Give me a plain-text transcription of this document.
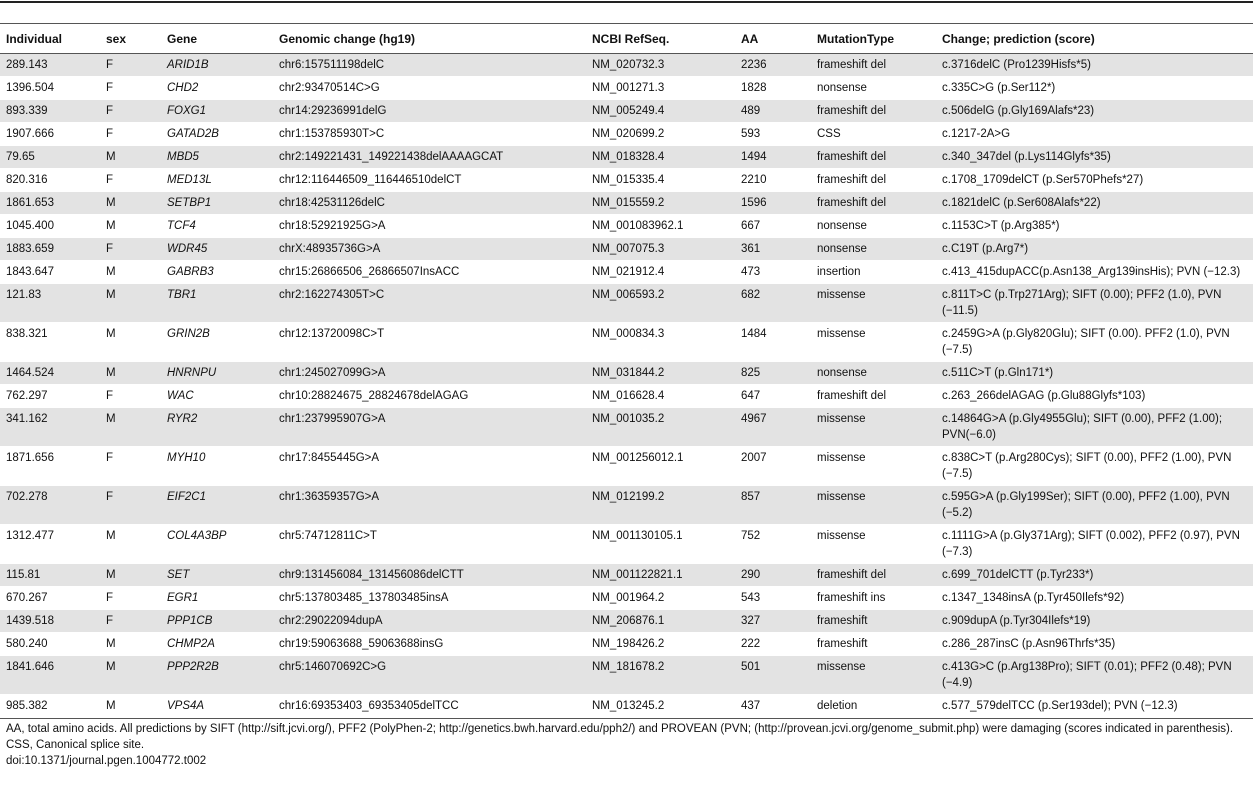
Individual	sex	Gene	Genomic change (hg19)	NCBI RefSeq.	AA	MutationType	Change; prediction (score)
289.143	F	ARID1B	chr6:157511198delC	NM_020732.3	2236	frameshift del	c.3716delC (Pro1239Hisfs*5)
1396.504	F	CHD2	chr2:93470514C>G	NM_001271.3	1828	nonsense	c.335C>G (p.Ser112*)
893.339	F	FOXG1	chr14:29236991delG	NM_005249.4	489	frameshift del	c.506delG (p.Gly169Alafs*23)
1907.666	F	GATAD2B	chr1:153785930T>C	NM_020699.2	593	CSS	c.1217-2A>G
79.65	M	MBD5	chr2:149221431_149221438delAAAAGCAT	NM_018328.4	1494	frameshift del	c.340_347del (p.Lys114Glyfs*35)
820.316	F	MED13L	chr12:116446509_116446510delCT	NM_015335.4	2210	frameshift del	c.1708_1709delCT (p.Ser570Phefs*27)
1861.653	M	SETBP1	chr18:42531126delC	NM_015559.2	1596	frameshift del	c.1821delC (p.Ser608Alafs*22)
1045.400	M	TCF4	chr18:52921925G>A	NM_001083962.1	667	nonsense	c.1153C>T (p.Arg385*)
1883.659	F	WDR45	chrX:48935736G>A	NM_007075.3	361	nonsense	c.C19T (p.Arg7*)
1843.647	M	GABRB3	chr15:26866506_26866507InsACC	NM_021912.4	473	insertion	c.413_415dupACC(p.Asn138_Arg139insHis); PVN (−12.3)
121.83	M	TBR1	chr2:162274305T>C	NM_006593.2	682	missense	c.811T>C (p.Trp271Arg); SIFT (0.00); PFF2 (1.0), PVN (−11.5)
838.321	M	GRIN2B	chr12:13720098C>T	NM_000834.3	1484	missense	c.2459G>A (p.Gly820Glu); SIFT (0.00). PFF2 (1.0), PVN (−7.5)
1464.524	M	HNRNPU	chr1:245027099G>A	NM_031844.2	825	nonsense	c.511C>T (p.Gln171*)
762.297	F	WAC	chr10:28824675_28824678delAGAG	NM_016628.4	647	frameshift del	c.263_266delAGAG (p.Glu88Glyfs*103)
341.162	M	RYR2	chr1:237995907G>A	NM_001035.2	4967	missense	c.14864G>A (p.Gly4955Glu); SIFT (0.00), PFF2 (1.00); PVN(−6.0)
1871.656	F	MYH10	chr17:8455445G>A	NM_001256012.1	2007	missense	c.838C>T (p.Arg280Cys); SIFT (0.00), PFF2 (1.00), PVN (−7.5)
702.278	F	EIF2C1	chr1:36359357G>A	NM_012199.2	857	missense	c.595G>A (p.Gly199Ser); SIFT (0.00), PFF2 (1.00), PVN (−5.2)
1312.477	M	COL4A3BP	chr5:74712811C>T	NM_001130105.1	752	missense	c.1111G>A (p.Gly371Arg); SIFT (0.002), PFF2 (0.97), PVN (−7.3)
115.81	M	SET	chr9:131456084_131456086delCTT	NM_001122821.1	290	frameshift del	c.699_701delCTT (p.Tyr233*)
670.267	F	EGR1	chr5:137803485_137803485insA	NM_001964.2	543	frameshift ins	c.1347_1348insA (p.Tyr450Ilefs*92)
1439.518	F	PPP1CB	chr2:29022094dupA	NM_206876.1	327	frameshift	c.909dupA (p.Tyr304Ilefs*19)
580.240	M	CHMP2A	chr19:59063688_59063688insG	NM_198426.2	222	frameshift	c.286_287insC (p.Asn96Thrfs*35)
1841.646	M	PPP2R2B	chr5:146070692C>G	NM_181678.2	501	missense	c.413G>C (p.Arg138Pro); SIFT (0.01); PFF2 (0.48); PVN (−4.9)
985.382	M	VPS4A	chr16:69353403_69353405delTCC	NM_013245.2	437	deletion	c.577_579delTCC (p.Ser193del); PVN (−12.3)
AA, total amino acids. All predictions by SIFT (http://sift.jcvi.org/), PFF2 (PolyPhen-2; http://genetics.bwh.harvard.edu/pph2/) and PROVEAN (PVN; (http://provean.jcvi.org/genome_submit.php) were damaging (scores indicated in parenthesis). CSS, Canonical splice site.
doi:10.1371/journal.pgen.1004772.t002
